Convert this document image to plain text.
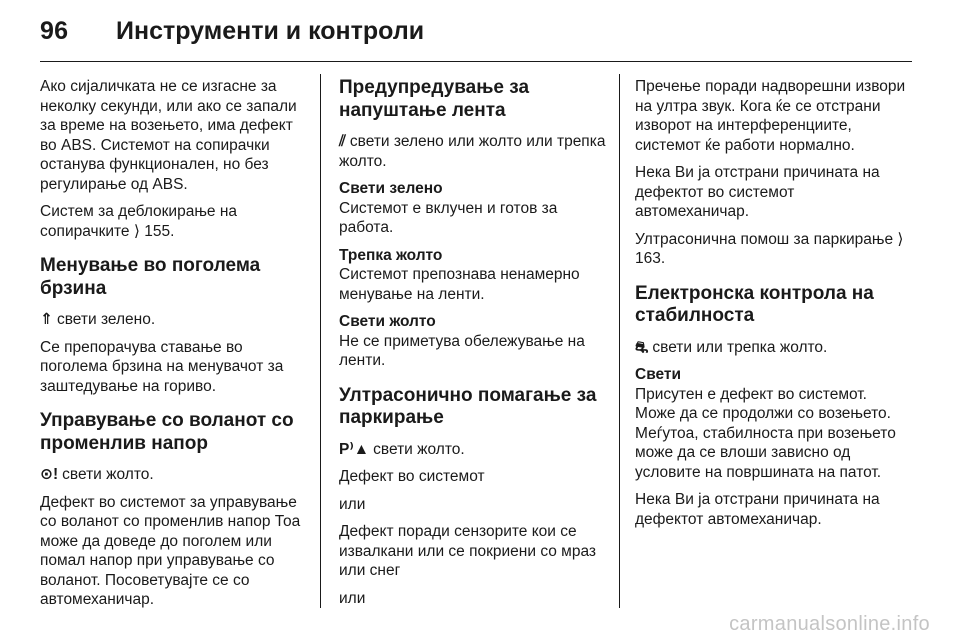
96 Инструменти и контроли

Ако сијаличката не се изгасне за неколку секунди, или ако се запали за време на возењето, има дефект во ABS. Системот на сопирачки останува функционален, но без регулирање од ABS.

Систем за деблокирање на сопирачките ⟩ 155.

Менување во поголема брзина

⇑ свети зелено.

Се препорачува ставање во поголема брзина на менувачот за заштедување на гориво.

Управување со воланот со променлив напор

⊙! свети жолто.

Дефект во системот за управување со воланот со променлив напор Тоа може да доведе до поголем или помал напор при управување со воланот. Посоветувајте се со автомеханичар.

Предупредување за напуштање лента

⫽ свети зелено или жолто или трепка жолто.

Свети зелено

Системот е вклучен и готов за работа.

Трепка жолто

Системот препознава ненамерно менување на ленти.

Свети жолто

Не се приметува обележување на ленти.

Ултрасонично помагање за паркирање

P⁾▲ свети жолто.

Дефект во системот

или

Дефект поради сензорите кои се извалкани или се покриени со мраз или снег

или

Пречење поради надворешни извори на ултра звук. Кога ќе се отстрани изворот на интерференциите, системот ќе работи нормално.

Нека Ви ја отстрани причината на дефектот во системот автомеханичар.

Ултрасонична помош за паркирање ⟩ 163.

Електронска контрола на стабилноста

⛐ свети или трепка жолто.

Свети

Присутен е дефект во системот. Може да се продолжи со возењето. Меѓутоа, стабилноста при возењето може да се влоши зависно од условите на површината на патот.

Нека Ви ја отстрани причината на дефектот автомеханичар.

carmanualsonline.info
